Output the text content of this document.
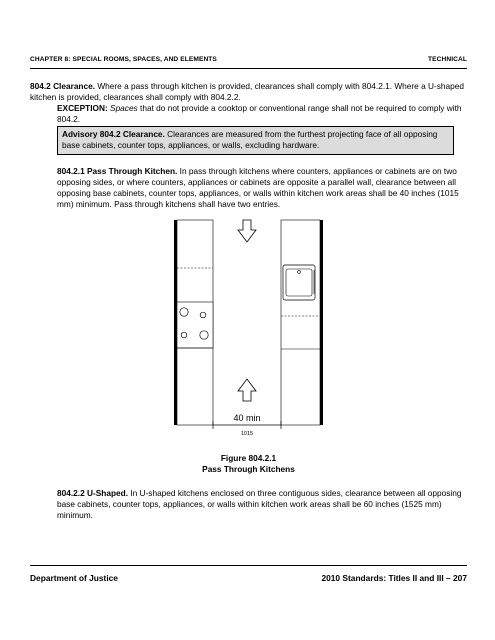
CHAPTER 8: SPECIAL ROOMS, SPACES, AND ELEMENTS	TECHNICAL
804.2 Clearance. Where a pass through kitchen is provided, clearances shall comply with 804.2.1. Where a U-shaped kitchen is provided, clearances shall comply with 804.2.2.
EXCEPTION: Spaces that do not provide a cooktop or conventional range shall not be required to comply with 804.2.
Advisory 804.2 Clearance. Clearances are measured from the furthest projecting face of all opposing base cabinets, counter tops, appliances, or walls, excluding hardware.
804.2.1 Pass Through Kitchen. In pass through kitchens where counters, appliances or cabinets are on two opposing sides, or where counters, appliances or cabinets are opposite a parallel wall, clearance between all opposing base cabinets, counter tops, appliances, or walls within kitchen work areas shall be 40 inches (1015 mm) minimum. Pass through kitchens shall have two entries.
40 min
1015
Figure 804.2.1
Pass Through Kitchens
804.2.2 U-Shaped. In U-shaped kitchens enclosed on three contiguous sides, clearance between all opposing base cabinets, counter tops, appliances, or walls within kitchen work areas shall be 60 inches (1525 mm) minimum.
Department of Justice	2010 Standards: Titles II and III – 207
